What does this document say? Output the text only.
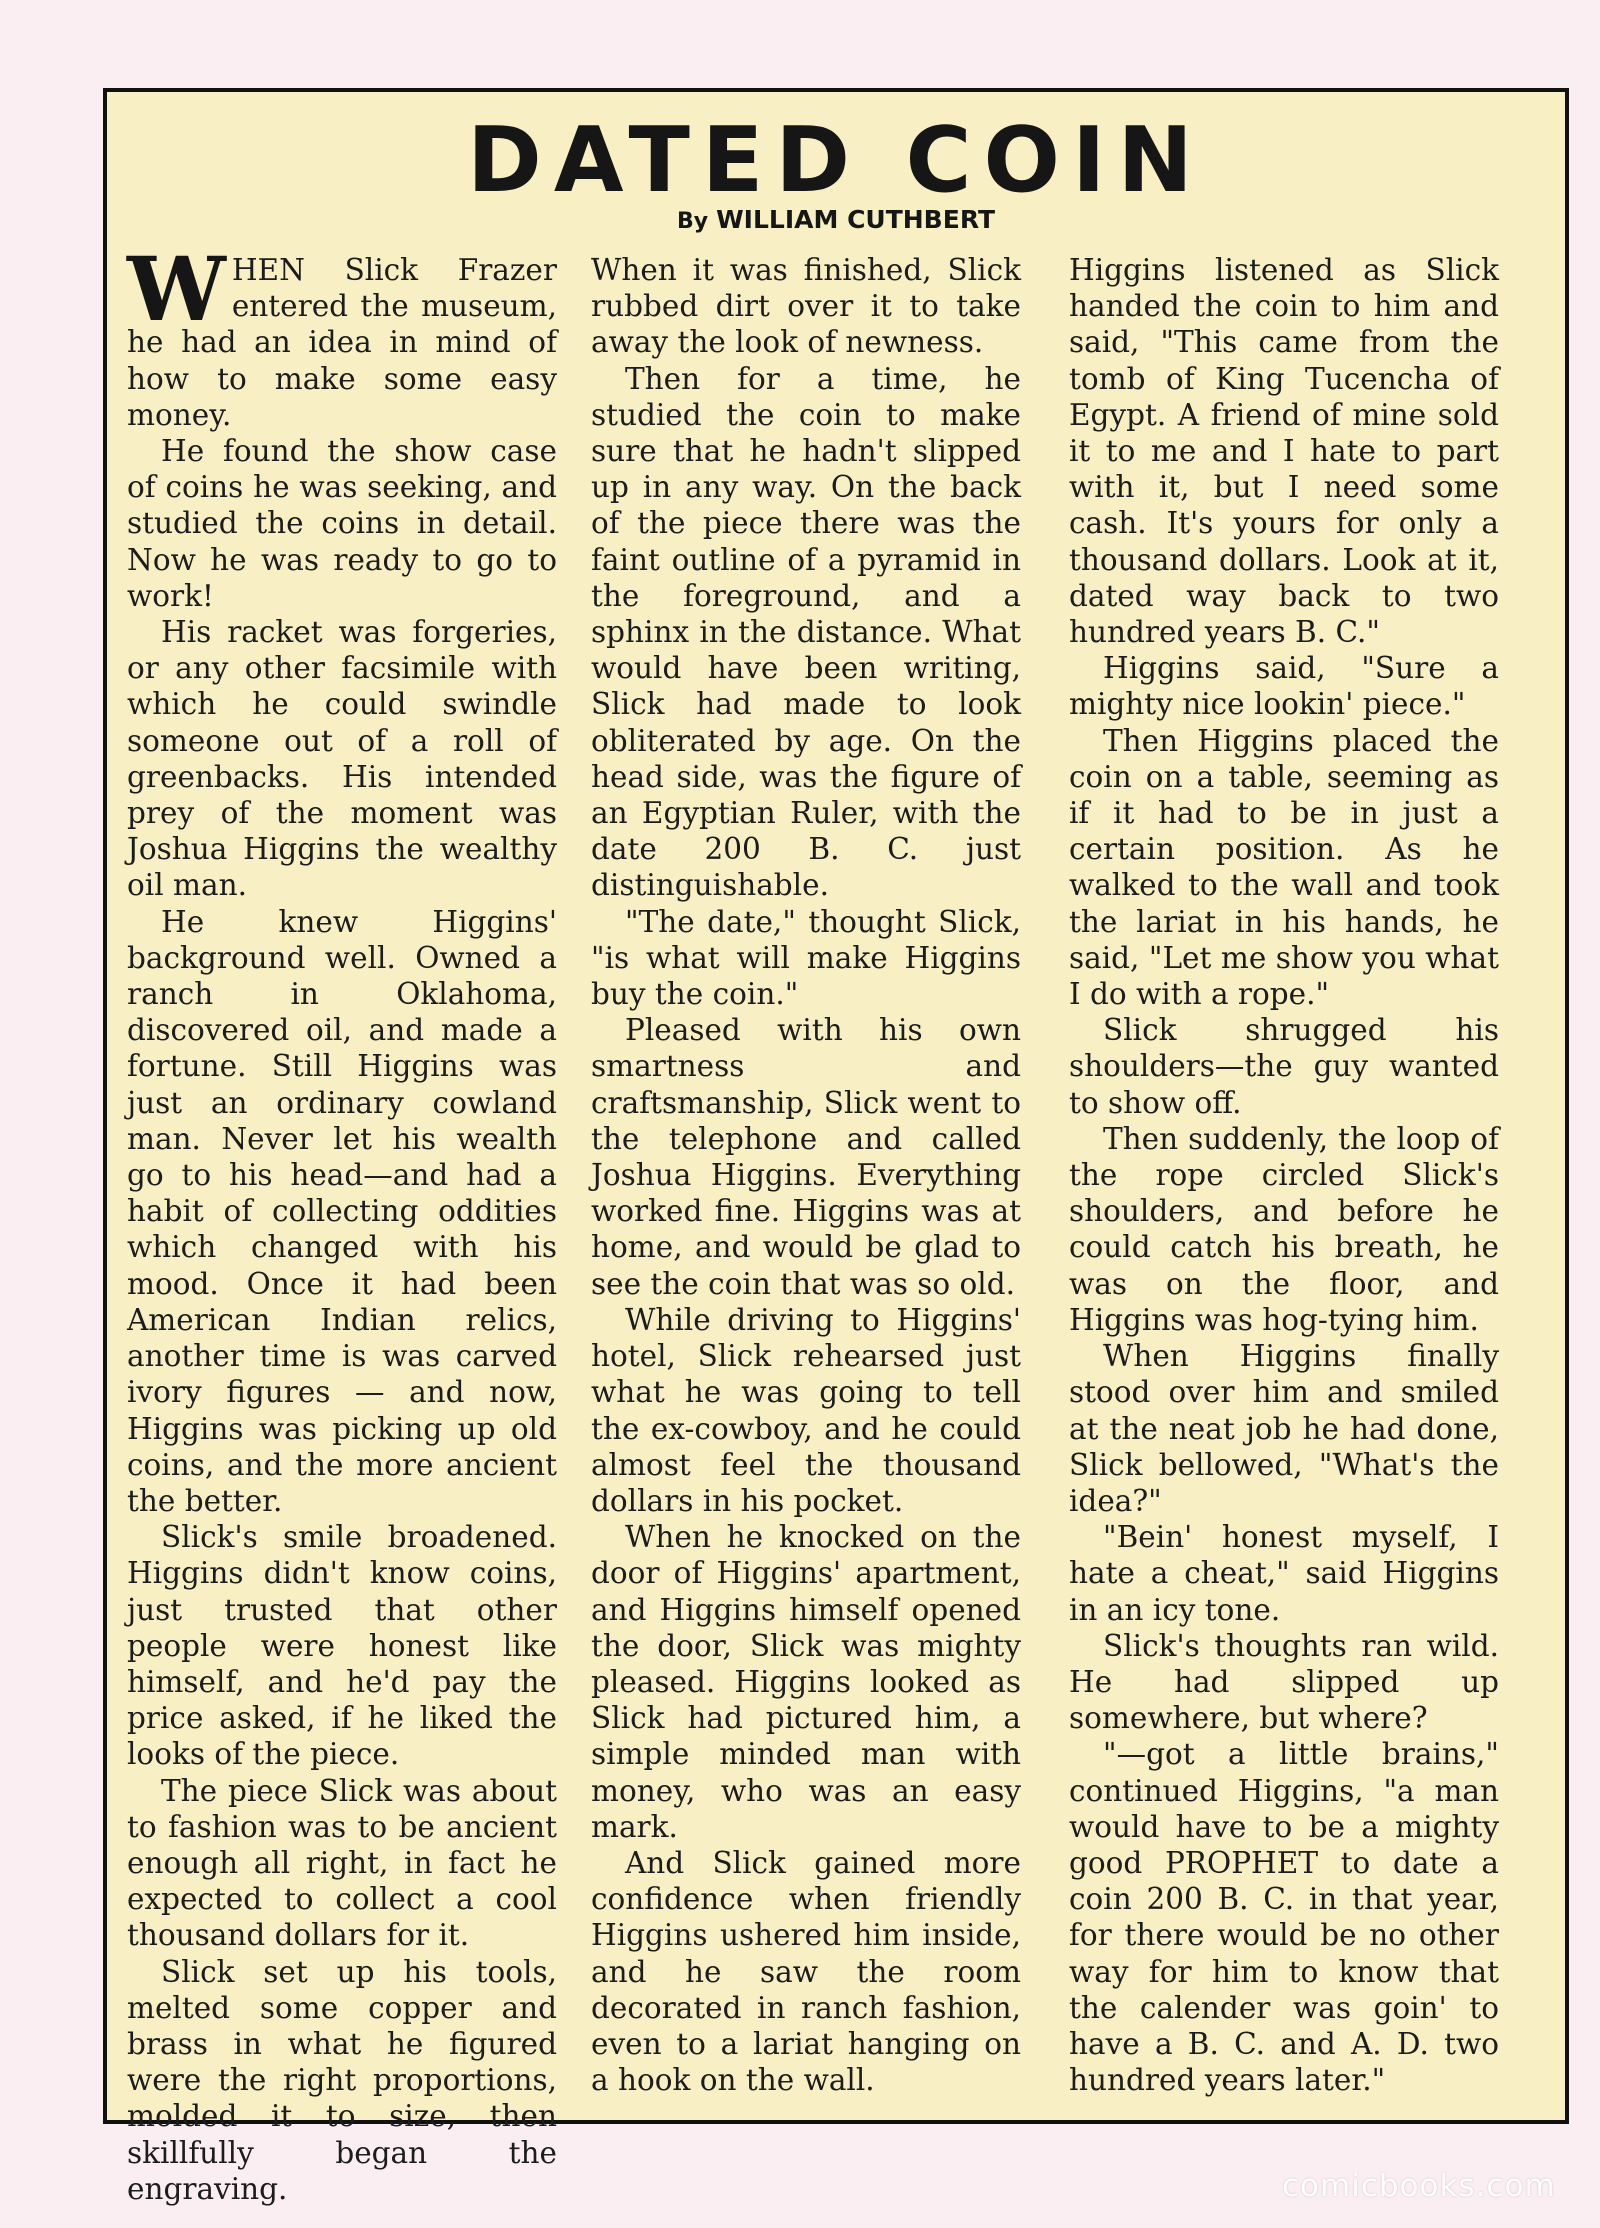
DATED COIN
By WILLIAM CUTHBERT

WHEN Slick Frazer entered the museum, he had an idea in mind of how to make some easy money.

He found the show case of coins he was seeking, and studied the coins in detail. Now he was ready to go to work!

His racket was forgeries, or any other facsimile with which he could swindle someone out of a roll of greenbacks. His intended prey of the moment was Joshua Higgins the wealthy oil man.

He knew Higgins' background well. Owned a ranch in Oklahoma, discovered oil, and made a fortune. Still Higgins was just an ordinary cowland man. Never let his wealth go to his head—and had a habit of collecting oddities which changed with his mood. Once it had been American Indian relics, another time is was carved ivory figures — and now, Higgins was picking up old coins, and the more ancient the better.

Slick's smile broadened. Higgins didn't know coins, just trusted that other people were honest like himself, and he'd pay the price asked, if he liked the looks of the piece.

The piece Slick was about to fashion was to be ancient enough all right, in fact he expected to collect a cool thousand dollars for it.

Slick set up his tools, melted some copper and brass in what he figured were the right proportions, molded it to size, then skillfully began the engraving.

When it was finished, Slick rubbed dirt over it to take away the look of newness.

Then for a time, he studied the coin to make sure that he hadn't slipped up in any way. On the back of the piece there was the faint outline of a pyramid in the foreground, and a sphinx in the distance. What would have been writing, Slick had made to look obliterated by age. On the head side, was the figure of an Egyptian Ruler, with the date 200 B. C. just distinguishable.

"The date," thought Slick, "is what will make Higgins buy the coin."

Pleased with his own smartness and craftsmanship, Slick went to the telephone and called Joshua Higgins. Everything worked fine. Higgins was at home, and would be glad to see the coin that was so old.

While driving to Higgins' hotel, Slick rehearsed just what he was going to tell the ex-cowboy, and he could almost feel the thousand dollars in his pocket.

When he knocked on the door of Higgins' apartment, and Higgins himself opened the door, Slick was mighty pleased. Higgins looked as Slick had pictured him, a simple minded man with money, who was an easy mark.

And Slick gained more confidence when friendly Higgins ushered him inside, and he saw the room decorated in ranch fashion, even to a lariat hanging on a hook on the wall.

Higgins listened as Slick handed the coin to him and said, "This came from the tomb of King Tucencha of Egypt. A friend of mine sold it to me and I hate to part with it, but I need some cash. It's yours for only a thousand dollars. Look at it, dated way back to two hundred years B. C."

Higgins said, "Sure a mighty nice lookin' piece."

Then Higgins placed the coin on a table, seeming as if it had to be in just a certain position. As he walked to the wall and took the lariat in his hands, he said, "Let me show you what I do with a rope."

Slick shrugged his shoulders—the guy wanted to show off.

Then suddenly, the loop of the rope circled Slick's shoulders, and before he could catch his breath, he was on the floor, and Higgins was hog-tying him.

When Higgins finally stood over him and smiled at the neat job he had done, Slick bellowed, "What's the idea?"

"Bein' honest myself, I hate a cheat," said Higgins in an icy tone.

Slick's thoughts ran wild. He had slipped up somewhere, but where?

"—got a little brains," continued Higgins, "a man would have to be a mighty good PROPHET to date a coin 200 B. C. in that year, for there would be no other way for him to know that the calender was goin' to have a B. C. and A. D. two hundred years later."

comicbooks.com
